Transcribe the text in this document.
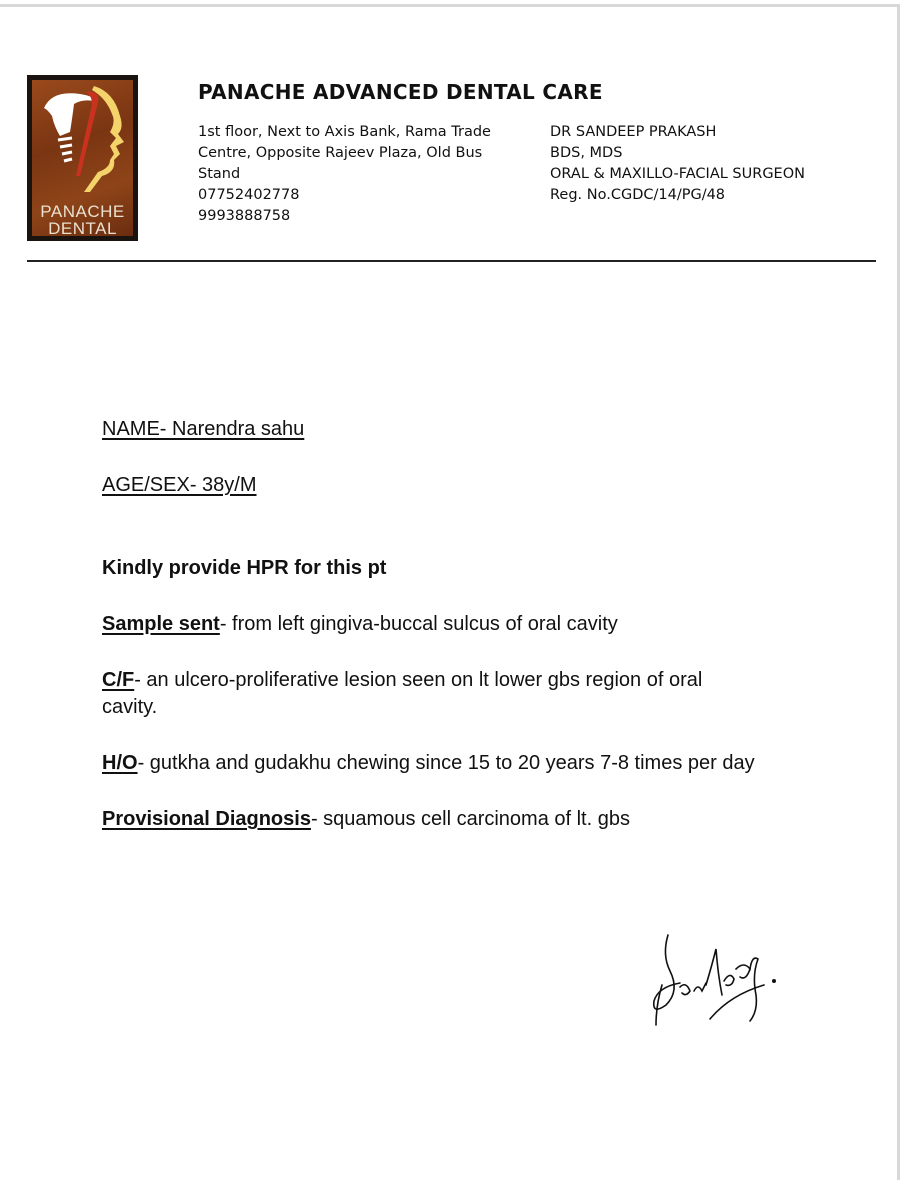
PANACHE
DENTAL
PANACHE ADVANCED DENTAL CARE
1st floor, Next to Axis Bank, Rama Trade
Centre, Opposite Rajeev Plaza, Old Bus
Stand
07752402778
9993888758
DR SANDEEP PRAKASH
BDS, MDS
ORAL & MAXILLO-FACIAL SURGEON
Reg. No.CGDC/14/PG/48
NAME- Narendra sahu
AGE/SEX- 38y/M
Kindly provide HPR for this pt
Sample sent- from left gingiva-buccal sulcus of oral cavity
C/F- an ulcero-proliferative lesion seen on lt lower gbs region of oral
cavity.
H/O- gutkha and gudakhu chewing since 15 to 20 years 7-8 times per day
Provisional Diagnosis- squamous cell carcinoma of lt. gbs
